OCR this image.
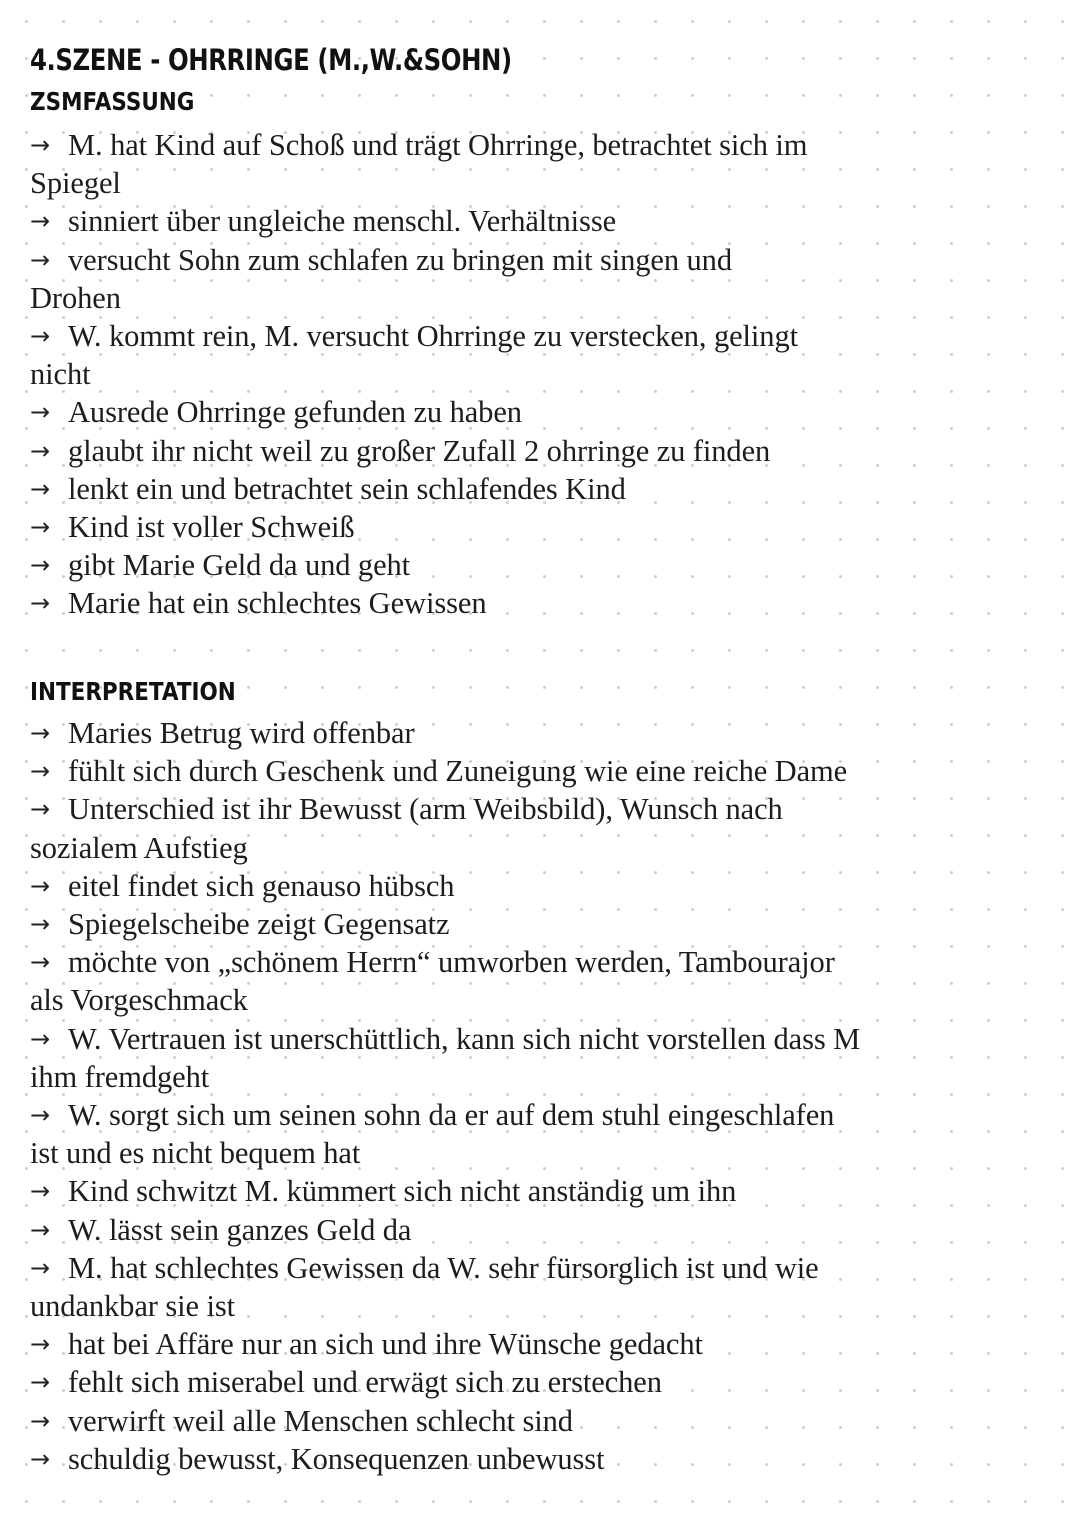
4.SZENE - OHRRINGE (M.,W.&SOHN)
ZSMFASSUNG
→ M. hat Kind auf Schoß und trägt Ohrringe, betrachtet sich im
Spiegel
→ sinniert über ungleiche menschl. Verhältnisse
→ versucht Sohn zum schlafen zu bringen mit singen und
Drohen
→ W. kommt rein, M. versucht Ohrringe zu verstecken, gelingt
nicht
→ Ausrede Ohrringe gefunden zu haben
→ glaubt ihr nicht weil zu großer Zufall 2 ohrringe zu finden
→ lenkt ein und betrachtet sein schlafendes Kind
→ Kind ist voller Schweiß
→ gibt Marie Geld da und geht
→ Marie hat ein schlechtes Gewissen
INTERPRETATION
→ Maries Betrug wird offenbar
→ fühlt sich durch Geschenk und Zuneigung wie eine reiche Dame
→ Unterschied ist ihr Bewusst (arm Weibsbild), Wunsch nach
sozialem Aufstieg
→ eitel findet sich genauso hübsch
→ Spiegelscheibe zeigt Gegensatz
→ möchte von „schönem Herrn“ umworben werden, Tambourajor
als Vorgeschmack
→ W. Vertrauen ist unerschüttlich, kann sich nicht vorstellen dass M
ihm fremdgeht
→ W. sorgt sich um seinen sohn da er auf dem stuhl eingeschlafen
ist und es nicht bequem hat
→ Kind schwitzt M. kümmert sich nicht anständig um ihn
→ W. lässt sein ganzes Geld da
→ M. hat schlechtes Gewissen da W. sehr fürsorglich ist und wie
undankbar sie ist
→ hat bei Affäre nur an sich und ihre Wünsche gedacht
→ fehlt sich miserabel und erwägt sich zu erstechen
→ verwirft weil alle Menschen schlecht sind
→ schuldig bewusst, Konsequenzen unbewusst
